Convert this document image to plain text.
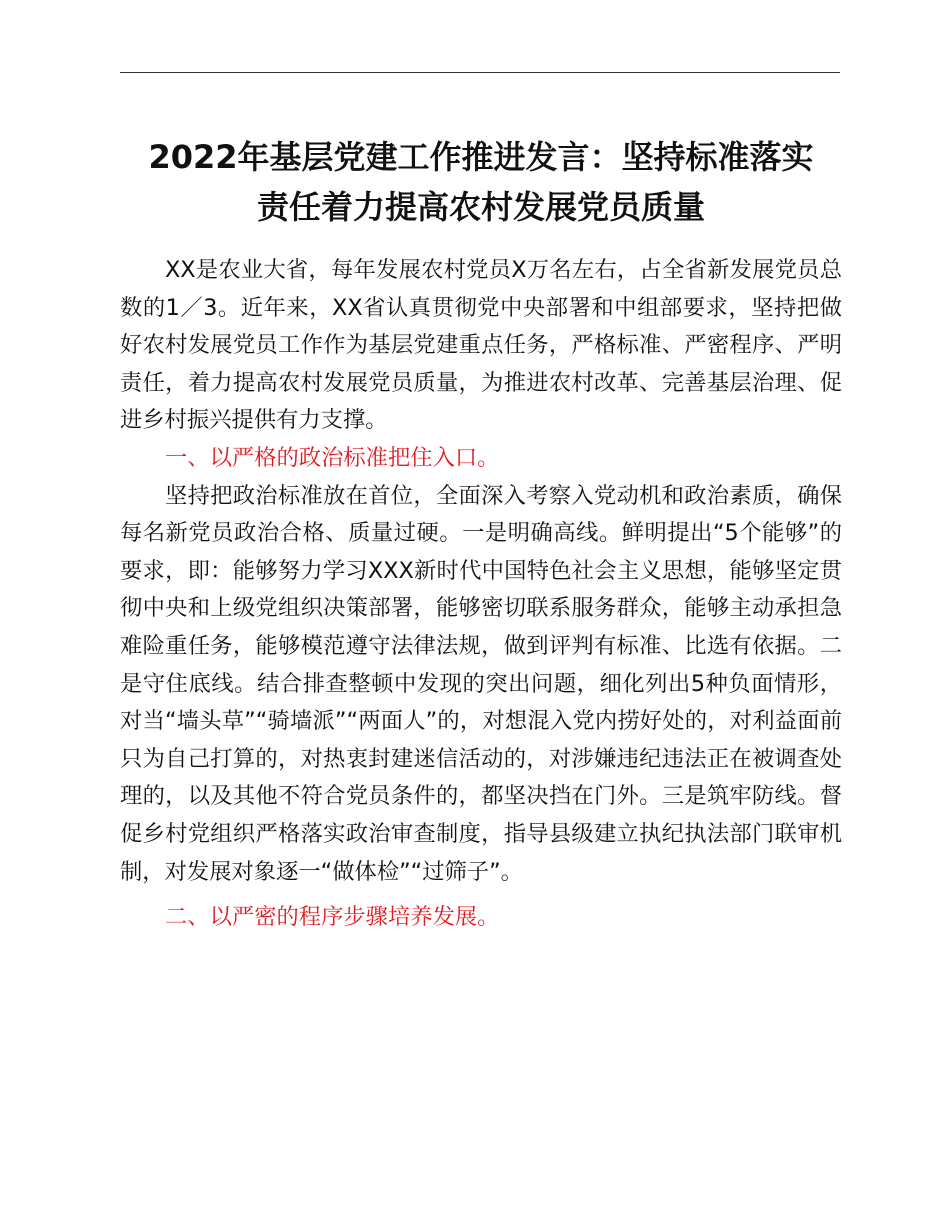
2022年基层党建工作推进发言：坚持标准落实
责任着力提高农村发展党员质量

XX是农业大省，每年发展农村党员X万名左右，占全省新发展党员总数的1／3。近年来，XX省认真贯彻党中央部署和中组部要求，坚持把做好农村发展党员工作作为基层党建重点任务，严格标准、严密程序、严明责任，着力提高农村发展党员质量，为推进农村改革、完善基层治理、促进乡村振兴提供有力支撑。

一、以严格的政治标准把住入口。

坚持把政治标准放在首位，全面深入考察入党动机和政治素质，确保每名新党员政治合格、质量过硬。一是明确高线。鲜明提出“5个能够”的要求，即：能够努力学习XXX新时代中国特色社会主义思想，能够坚定贯彻中央和上级党组织决策部署，能够密切联系服务群众，能够主动承担急难险重任务，能够模范遵守法律法规，做到评判有标准、比选有依据。二是守住底线。结合排查整顿中发现的突出问题，细化列出5种负面情形，对当“墙头草”“骑墙派”“两面人”的，对想混入党内捞好处的，对利益面前只为自己打算的，对热衷封建迷信活动的，对涉嫌违纪违法正在被调查处理的，以及其他不符合党员条件的，都坚决挡在门外。三是筑牢防线。督促乡村党组织严格落实政治审查制度，指导县级建立执纪执法部门联审机制，对发展对象逐一“做体检”“过筛子”。

二、以严密的程序步骤培养发展。
